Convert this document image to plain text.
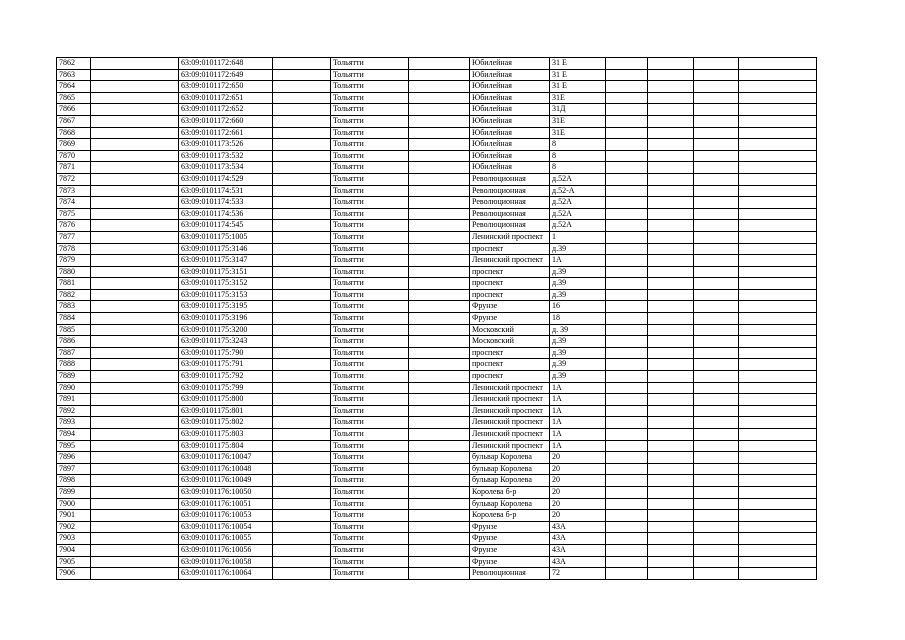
7862		63:09:0101172:648		Тольятти		Юбилейная	31 Е				
7863		63:09:0101172:649		Тольятти		Юбилейная	31 Е				
7864		63:09:0101172:650		Тольятти		Юбилейная	31 Е				
7865		63:09:0101172:651		Тольятти		Юбилейная	31Е				
7866		63:09:0101172:652		Тольятти		Юбилейная	31Д				
7867		63:09:0101172:660		Тольятти		Юбилейная	31Е				
7868		63:09:0101172:661		Тольятти		Юбилейная	31Е				
7869		63:09:0101173:526		Тольятти		Юбилейная	8				
7870		63:09:0101173:532		Тольятти		Юбилейная	8				
7871		63:09:0101173:534		Тольятти		Юбилейная	8				
7872		63:09:0101174:529		Тольятти		Революционная	д.52А				
7873		63:09:0101174:531		Тольятти		Революционная	д.52-А				
7874		63:09:0101174:533		Тольятти		Революционная	д.52А				
7875		63:09:0101174:536		Тольятти		Революционная	д.52А				
7876		63:09:0101174:545		Тольятти		Революционная	д.52А				
7877		63:09:0101175:1005		Тольятти		Ленинский проспект	1				
7878		63:09:0101175:3146		Тольятти		проспект	д.39				
7879		63:09:0101175:3147		Тольятти		Ленинский проспект	1А				
7880		63:09:0101175:3151		Тольятти		проспект	д.39				
7881		63:09:0101175:3152		Тольятти		проспект	д.39				
7882		63:09:0101175:3153		Тольятти		проспект	д.39				
7883		63:09:0101175:3195		Тольятти		Фрунзе	16				
7884		63:09:0101175:3196		Тольятти		Фрунзе	18				
7885		63:09:0101175:3200		Тольятти		Московский	д. 39				
7886		63:09:0101175:3243		Тольятти		Московский	д.39				
7887		63:09:0101175:790		Тольятти		проспект	д.39				
7888		63:09:0101175:791		Тольятти		проспект	д.39				
7889		63:09:0101175:792		Тольятти		проспект	д.39				
7890		63:09:0101175:799		Тольятти		Ленинский проспект	1А				
7891		63:09:0101175:800		Тольятти		Ленинский проспект	1А				
7892		63:09:0101175:801		Тольятти		Ленинский проспект	1А				
7893		63:09:0101175:802		Тольятти		Ленинский проспект	1А				
7894		63:09:0101175:803		Тольятти		Ленинский проспект	1А				
7895		63:09:0101175:804		Тольятти		Ленинский проспект	1А				
7896		63:09:0101176:10047		Тольятти		бульвар Королева	20				
7897		63:09:0101176:10048		Тольятти		бульвар Королева	20				
7898		63:09:0101176:10049		Тольятти		бульвар Королева	20				
7899		63:09:0101176:10050		Тольятти		Королева б-р	20				
7900		63:09:0101176:10051		Тольятти		бульвар Королева	20				
7901		63:09:0101176:10053		Тольятти		Королева б-р	20				
7902		63:09:0101176:10054		Тольятти		Фрунзе	43А				
7903		63:09:0101176:10055		Тольятти		Фрунзе	43А				
7904		63:09:0101176:10056		Тольятти		Фрунзе	43А				
7905		63:09:0101176:10058		Тольятти		Фрунзе	43А				
7906		63:09:0101176:10064		Тольятти		Революционная	72				
